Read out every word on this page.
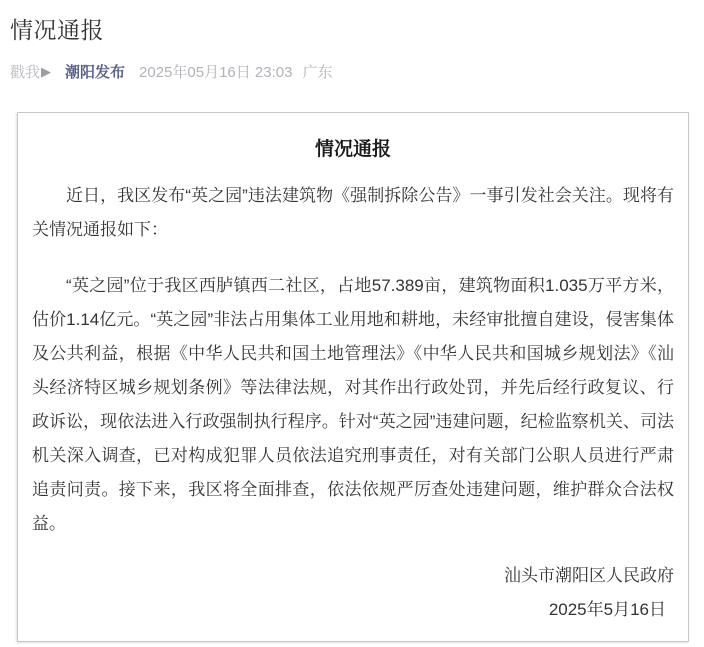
情况通报
戳我 ▶ 潮阳发布 2025年05月16日 23:03 广东
情况通报

近日，我区发布“英之园”违法建筑物《强制拆除公告》一事引发社会关注。现将有关情况通报如下：

“英之园”位于我区西胪镇西二社区，占地57.389亩，建筑物面积1.035万平方米，估价1.14亿元。“英之园”非法占用集体工业用地和耕地，未经审批擅自建设，侵害集体及公共利益，根据《中华人民共和国土地管理法》《中华人民共和国城乡规划法》《汕头经济特区城乡规划条例》等法律法规，对其作出行政处罚，并先后经行政复议、行政诉讼，现依法进入行政强制执行程序。针对“英之园”违建问题，纪检监察机关、司法机关深入调查，已对构成犯罪人员依法追究刑事责任，对有关部门公职人员进行严肃追责问责。接下来，我区将全面排查，依法依规严厉查处违建问题，维护群众合法权益。

汕头市潮阳区人民政府
2025年5月16日
